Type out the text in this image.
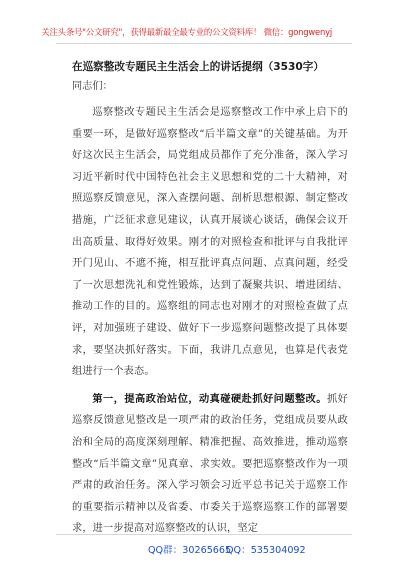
关注头条号"公文研究"，获得最新最全最专业的公文资料库！ 微信：gongwenyj
在巡察整改专题民主生活会上的讲话提纲（3530字）

同志们：

巡察整改专题民主生活会是巡察整改工作中承上启下的重要一环，是做好巡察整改“后半篇文章”的关键基础。为开好这次民主生活会，局党组成员都作了充分准备，深入学习习近平新时代中国特色社会主义思想和党的二十大精神，对照巡察反馈意见，深入查摆问题、剖析思想根源、制定整改措施，广泛征求意见建议，认真开展谈心谈话，确保会议开出高质量、取得好效果。刚才的对照检查和批评与自我批评开门见山、不遮不掩，相互批评真点问题、点真问题，经受了一次思想洗礼和党性锻炼，达到了凝聚共识、增进团结、推动工作的目的。巡察组的同志也对刚才的对照检查做了点评，对加强班子建设、做好下一步巡察问题整改提了具体要求，要坚决抓好落实。下面，我讲几点意见，也算是代表党组进行一个表态。

第一，提高政治站位，动真碰硬赴抓好问题整改。抓好巡察反馈意见整改是一项严肃的政治任务，党组成员要从政治和全局的高度深刻理解、精准把握、高效推进，推动巡察整改“后半篇文章”见真章、求实效。要把巡察整改作为一项严肃的政治任务。深入学习领会习近平总书记关于巡察工作的重要指示精神以及省委、市委关于巡察巡察工作的部署要求，进一步提高对巡察整改的认识，坚定

QQ群：30265665
QQ：535304092
